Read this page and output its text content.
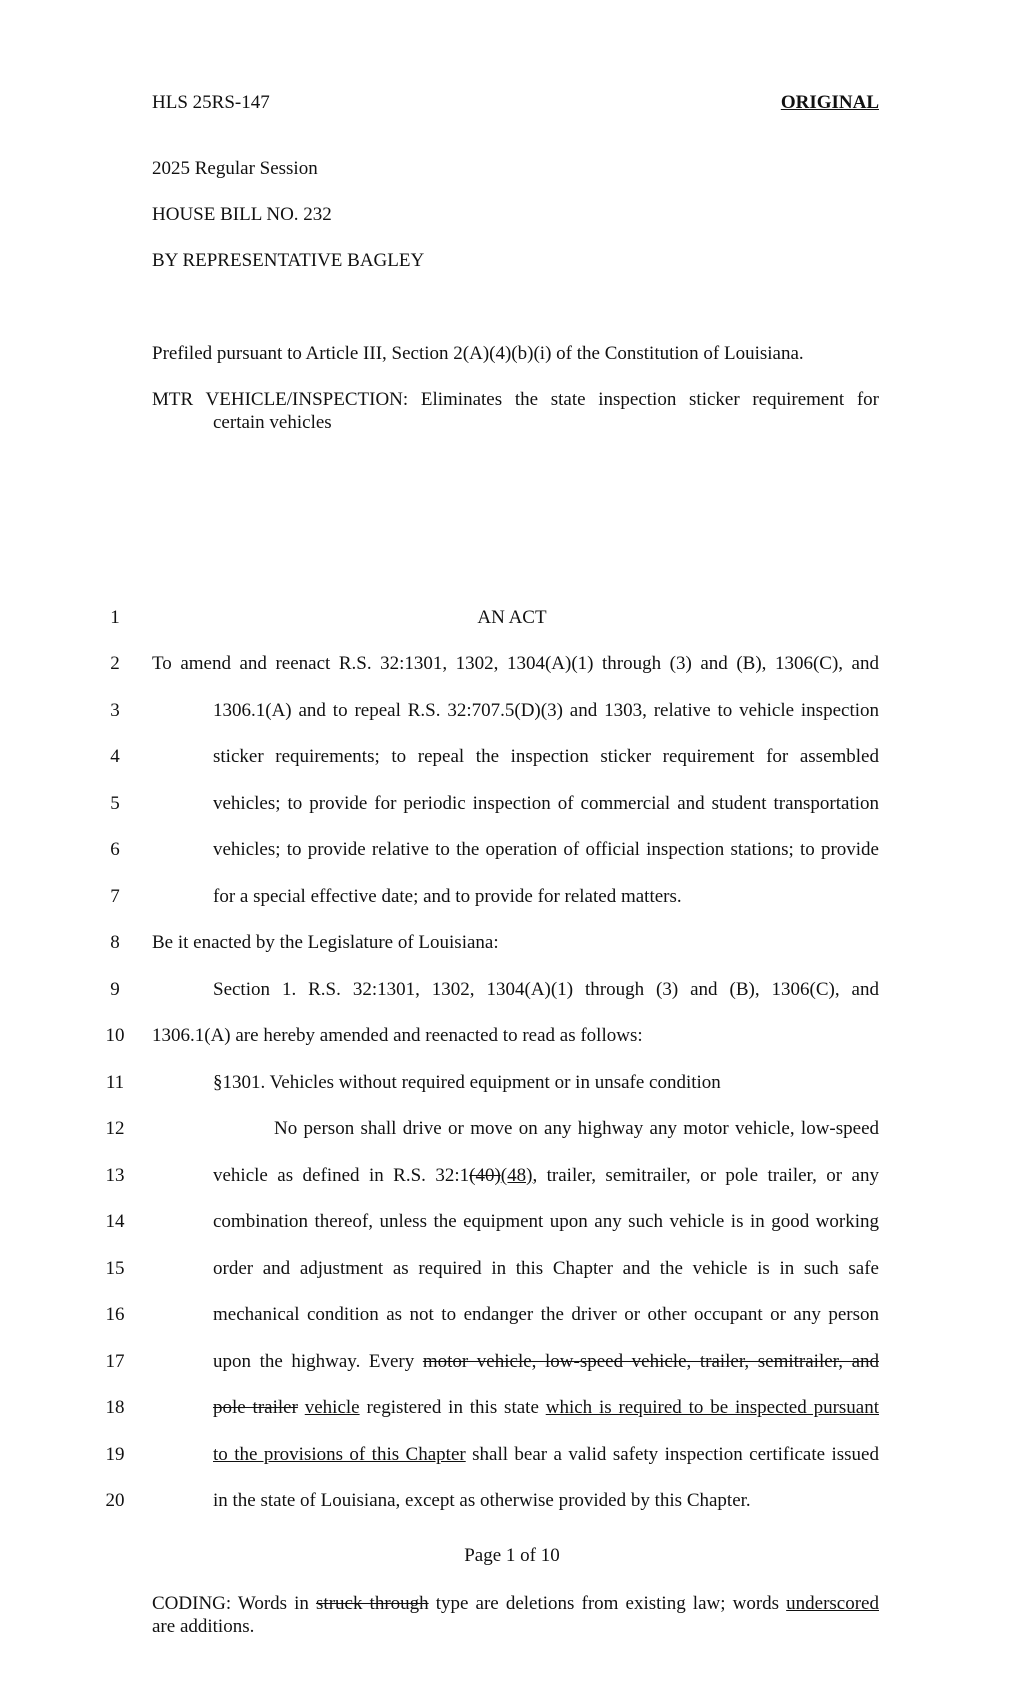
HLS 25RS-147	ORIGINAL
2025 Regular Session
HOUSE BILL NO. 232
BY REPRESENTATIVE BAGLEY
Prefiled pursuant to Article III, Section 2(A)(4)(b)(i) of the Constitution of Louisiana.
MTR VEHICLE/INSPECTION: Eliminates the state inspection sticker requirement for
certain vehicles
1	AN ACT
2	To amend and reenact R.S. 32:1301, 1302, 1304(A)(1) through (3) and (B), 1306(C), and
3	1306.1(A) and to repeal R.S. 32:707.5(D)(3) and 1303, relative to vehicle inspection
4	sticker requirements; to repeal the inspection sticker requirement for assembled
5	vehicles; to provide for periodic inspection of commercial and student transportation
6	vehicles; to provide relative to the operation of official inspection stations; to provide
7	for a special effective date; and to provide for related matters.
8	Be it enacted by the Legislature of Louisiana:
9	Section 1. R.S. 32:1301, 1302, 1304(A)(1) through (3) and (B), 1306(C), and
10	1306.1(A) are hereby amended and reenacted to read as follows:
11	§1301. Vehicles without required equipment or in unsafe condition
12	No person shall drive or move on any highway any motor vehicle, low-speed
13	vehicle as defined in R.S. 32:1(40)(48), trailer, semitrailer, or pole trailer, or any
14	combination thereof, unless the equipment upon any such vehicle is in good working
15	order and adjustment as required in this Chapter and the vehicle is in such safe
16	mechanical condition as not to endanger the driver or other occupant or any person
17	upon the highway. Every motor vehicle, low-speed vehicle, trailer, semitrailer, and
18	pole trailer vehicle registered in this state which is required to be inspected pursuant
19	to the provisions of this Chapter shall bear a valid safety inspection certificate issued
20	in the state of Louisiana, except as otherwise provided by this Chapter.
Page 1 of 10
CODING: Words in struck through type are deletions from existing law; words underscored
are additions.
